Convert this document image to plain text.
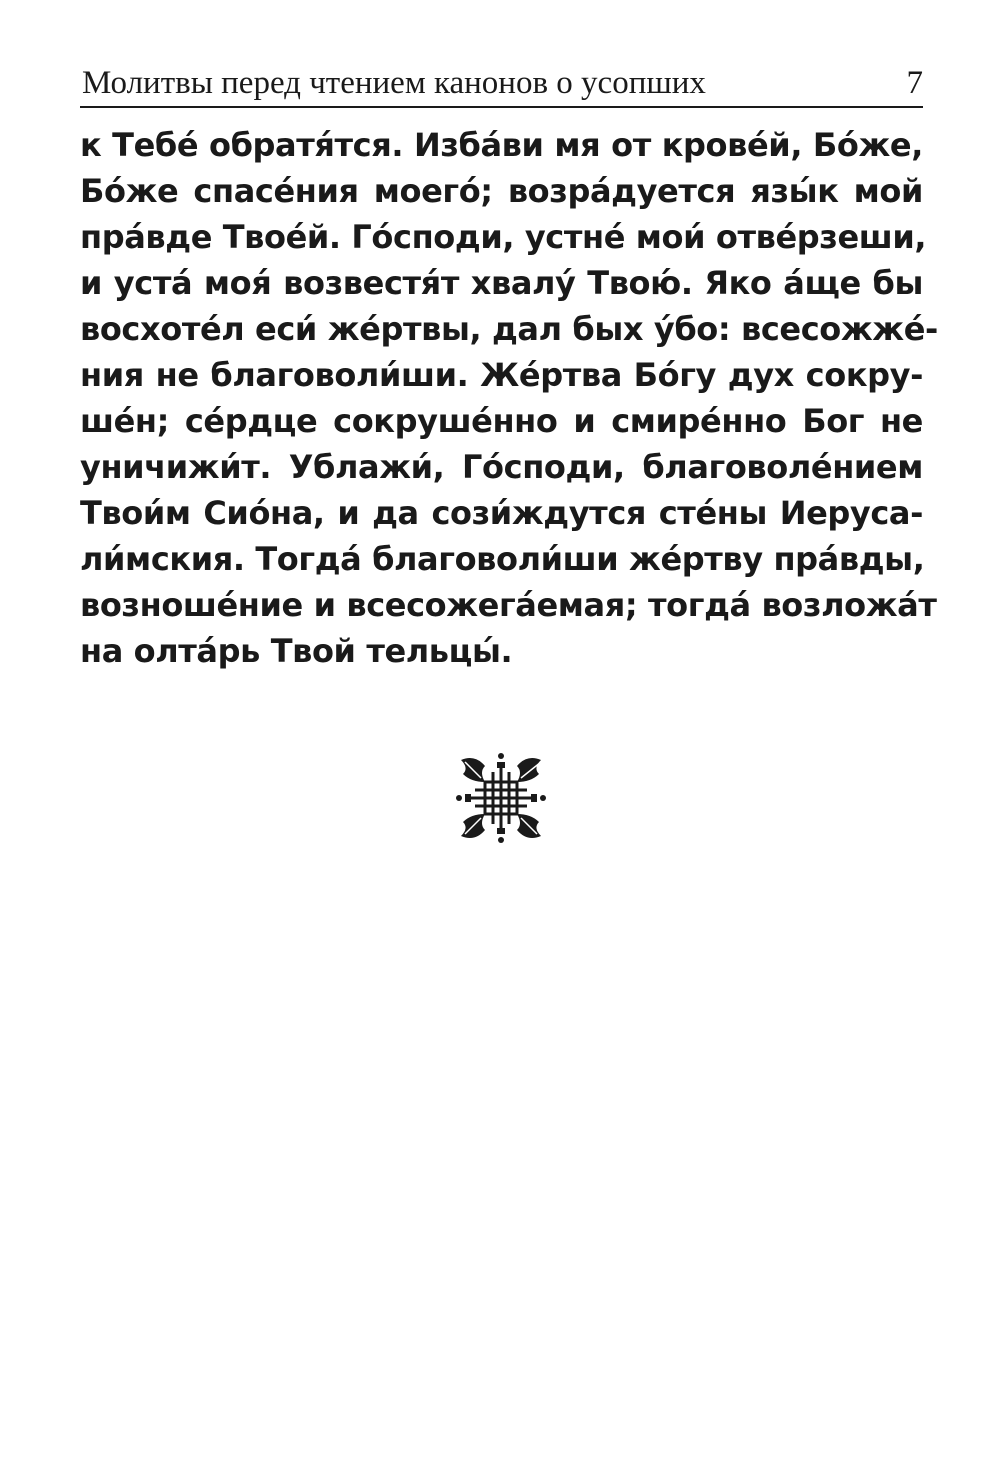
Молитвы перед чтением канонов о усопших	7
к Тебе́ обратя́тся. Изба́ви мя от крове́й, Бо́же,
Бо́же спасе́ния моего́; возра́дуется язы́к мой
пра́вде Твое́й. Го́споди, устне́ мои́ отве́рзеши,
и уста́ моя́ возвестя́т хвалу́ Твою́. Яко а́ще бы
восхоте́л еси́ же́ртвы, дал бых у́бо: всесожже́-
ния не благоволи́ши. Же́ртва Бо́гу дух сокру-
ше́н; се́рдце сокруше́нно и смире́нно Бог не
уничижи́т. Ублажи́, Го́споди, благоволе́нием
Твои́м Сио́на, и да сози́ждутся сте́ны Иеруса-
ли́мския. Тогда́ благоволи́ши же́ртву пра́вды,
возноше́ние и всесожега́емая; тогда́ возложа́т
на олта́рь Твой тельцы́.
